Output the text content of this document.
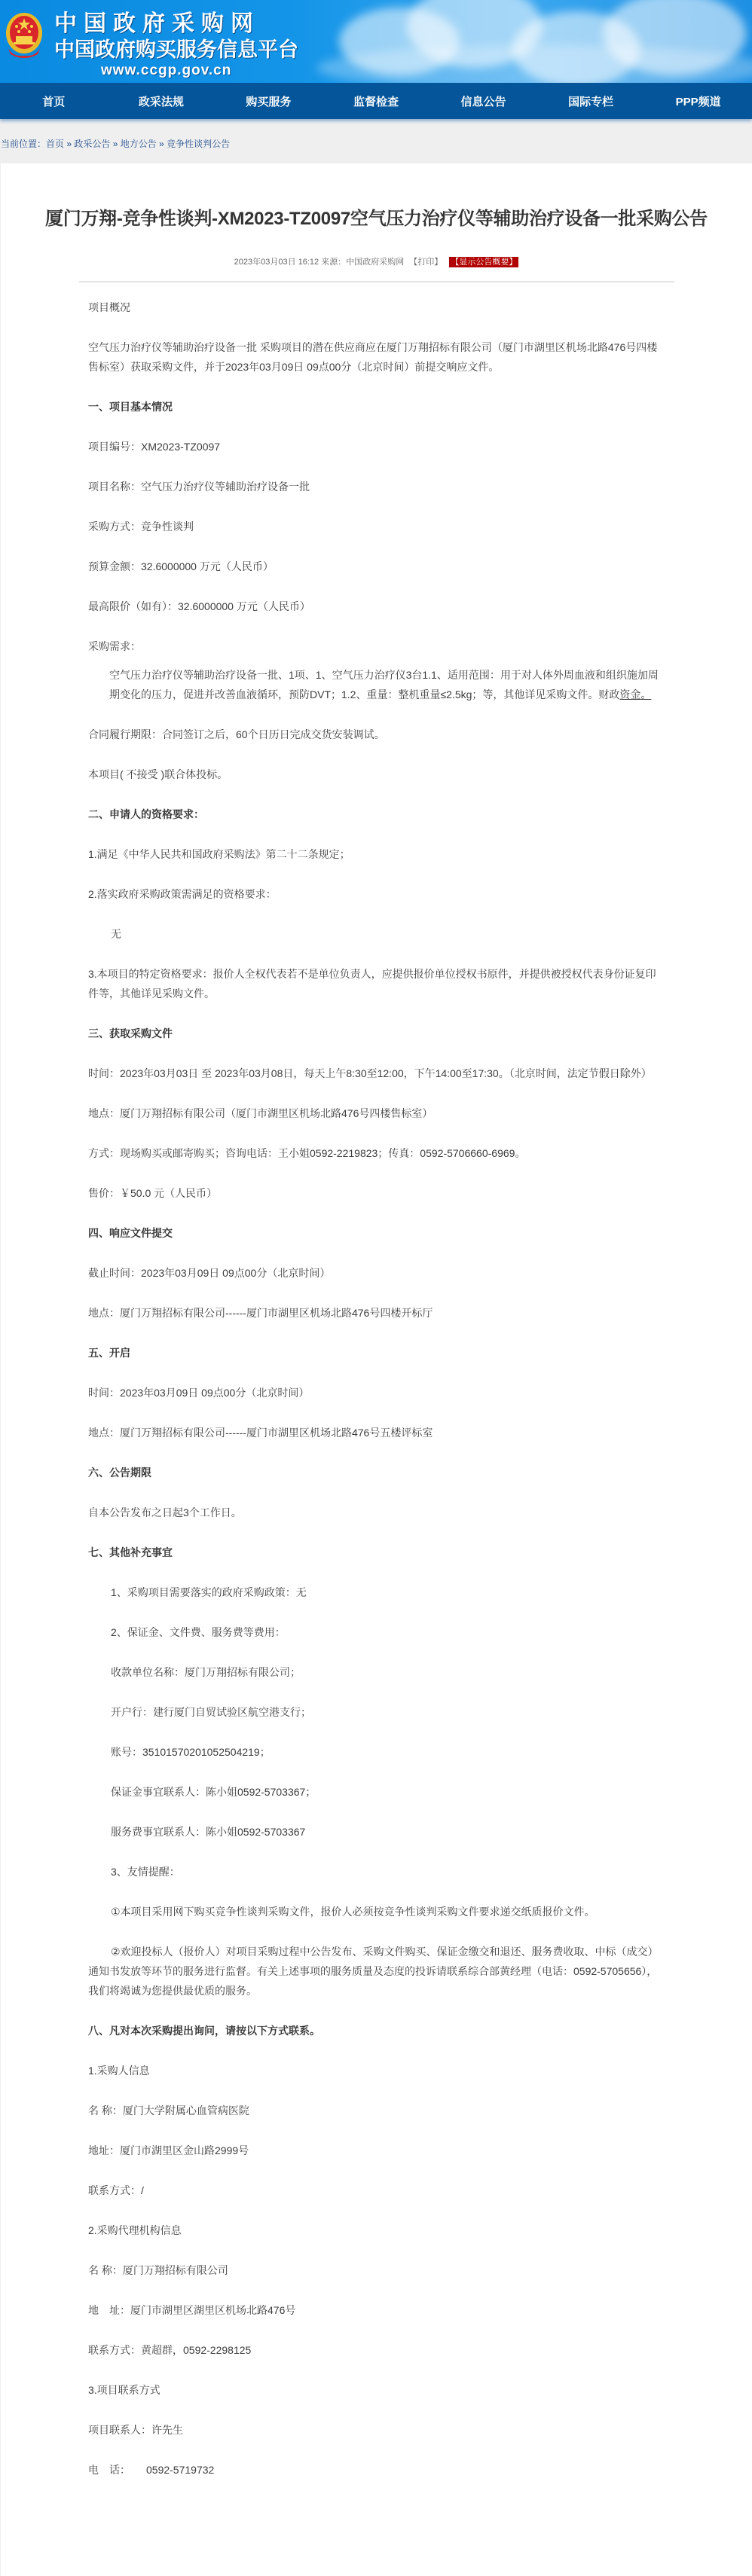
中国政府采购网
中国政府购买服务信息平台
www.ccgp.gov.cn
首页	政采法规	购买服务	监督检查	信息公告	国际专栏	PPP频道
当前位置：首页 » 政采公告 » 地方公告 » 竞争性谈判公告
厦门万翔-竞争性谈判-XM2023-TZ0097空气压力治疗仪等辅助治疗设备一批采购公告
2023年03月03日 16:12 来源：中国政府采购网 【打印】 【显示公告概要】
项目概况
空气压力治疗仪等辅助治疗设备一批 采购项目的潜在供应商应在厦门万翔招标有限公司（厦门市湖里区机场北路476号四楼售标室）获取采购文件，并于2023年03月09日 09点00分（北京时间）前提交响应文件。
一、项目基本情况
项目编号：XM2023-TZ0097
项目名称：空气压力治疗仪等辅助治疗设备一批
采购方式：竞争性谈判
预算金额：32.6000000 万元（人民币）
最高限价（如有）：32.6000000 万元（人民币）
采购需求：
空气压力治疗仪等辅助治疗设备一批、1项、1、空气压力治疗仪3台1.1、适用范围：用于对人体外周血液和组织施加周期变化的压力，促进并改善血液循环，预防DVT；1.2、重量：整机重量≤2.5kg；等，其他详见采购文件。财政资金。
合同履行期限：合同签订之后，60个日历日完成交货安装调试。
本项目( 不接受 )联合体投标。
二、申请人的资格要求：
1.满足《中华人民共和国政府采购法》第二十二条规定；
2.落实政府采购政策需满足的资格要求：
无
3.本项目的特定资格要求：报价人全权代表若不是单位负责人，应提供报价单位授权书原件，并提供被授权代表身份证复印件等，其他详见采购文件。
三、获取采购文件
时间：2023年03月03日 至 2023年03月08日，每天上午8:30至12:00，下午14:00至17:30。（北京时间，法定节假日除外）
地点：厦门万翔招标有限公司（厦门市湖里区机场北路476号四楼售标室）
方式：现场购买或邮寄购买；咨询电话：王小姐0592-2219823；传真：0592-5706660-6969。
售价：￥50.0 元（人民币）
四、响应文件提交
截止时间：2023年03月09日 09点00分（北京时间）
地点：厦门万翔招标有限公司------厦门市湖里区机场北路476号四楼开标厅
五、开启
时间：2023年03月09日 09点00分（北京时间）
地点：厦门万翔招标有限公司------厦门市湖里区机场北路476号五楼评标室
六、公告期限
自本公告发布之日起3个工作日。
七、其他补充事宜
1、采购项目需要落实的政府采购政策：无
2、保证金、文件费、服务费等费用：
收款单位名称：厦门万翔招标有限公司；
开户行：建行厦门自贸试验区航空港支行；
账号：35101570201052504219；
保证金事宜联系人：陈小姐0592-5703367；
服务费事宜联系人：陈小姐0592-5703367
3、友情提醒：
①本项目采用网下购买竞争性谈判采购文件，报价人必须按竞争性谈判采购文件要求递交纸质报价文件。
②欢迎投标人（报价人）对项目采购过程中公告发布、采购文件购买、保证金缴交和退还、服务费收取、中标（成交）通知书发放等环节的服务进行监督。有关上述事项的服务质量及态度的投诉请联系综合部黄经理（电话：0592-5705656），我们将竭诚为您提供最优质的服务。
八、凡对本次采购提出询问，请按以下方式联系。
1.采购人信息
名 称：厦门大学附属心血管病医院
地址：厦门市湖里区金山路2999号
联系方式：/
2.采购代理机构信息
名 称：厦门万翔招标有限公司
地　址：厦门市湖里区湖里区机场北路476号
联系方式：黄超群，0592-2298125
3.项目联系方式
项目联系人：许先生
电　话：　　0592-5719732
